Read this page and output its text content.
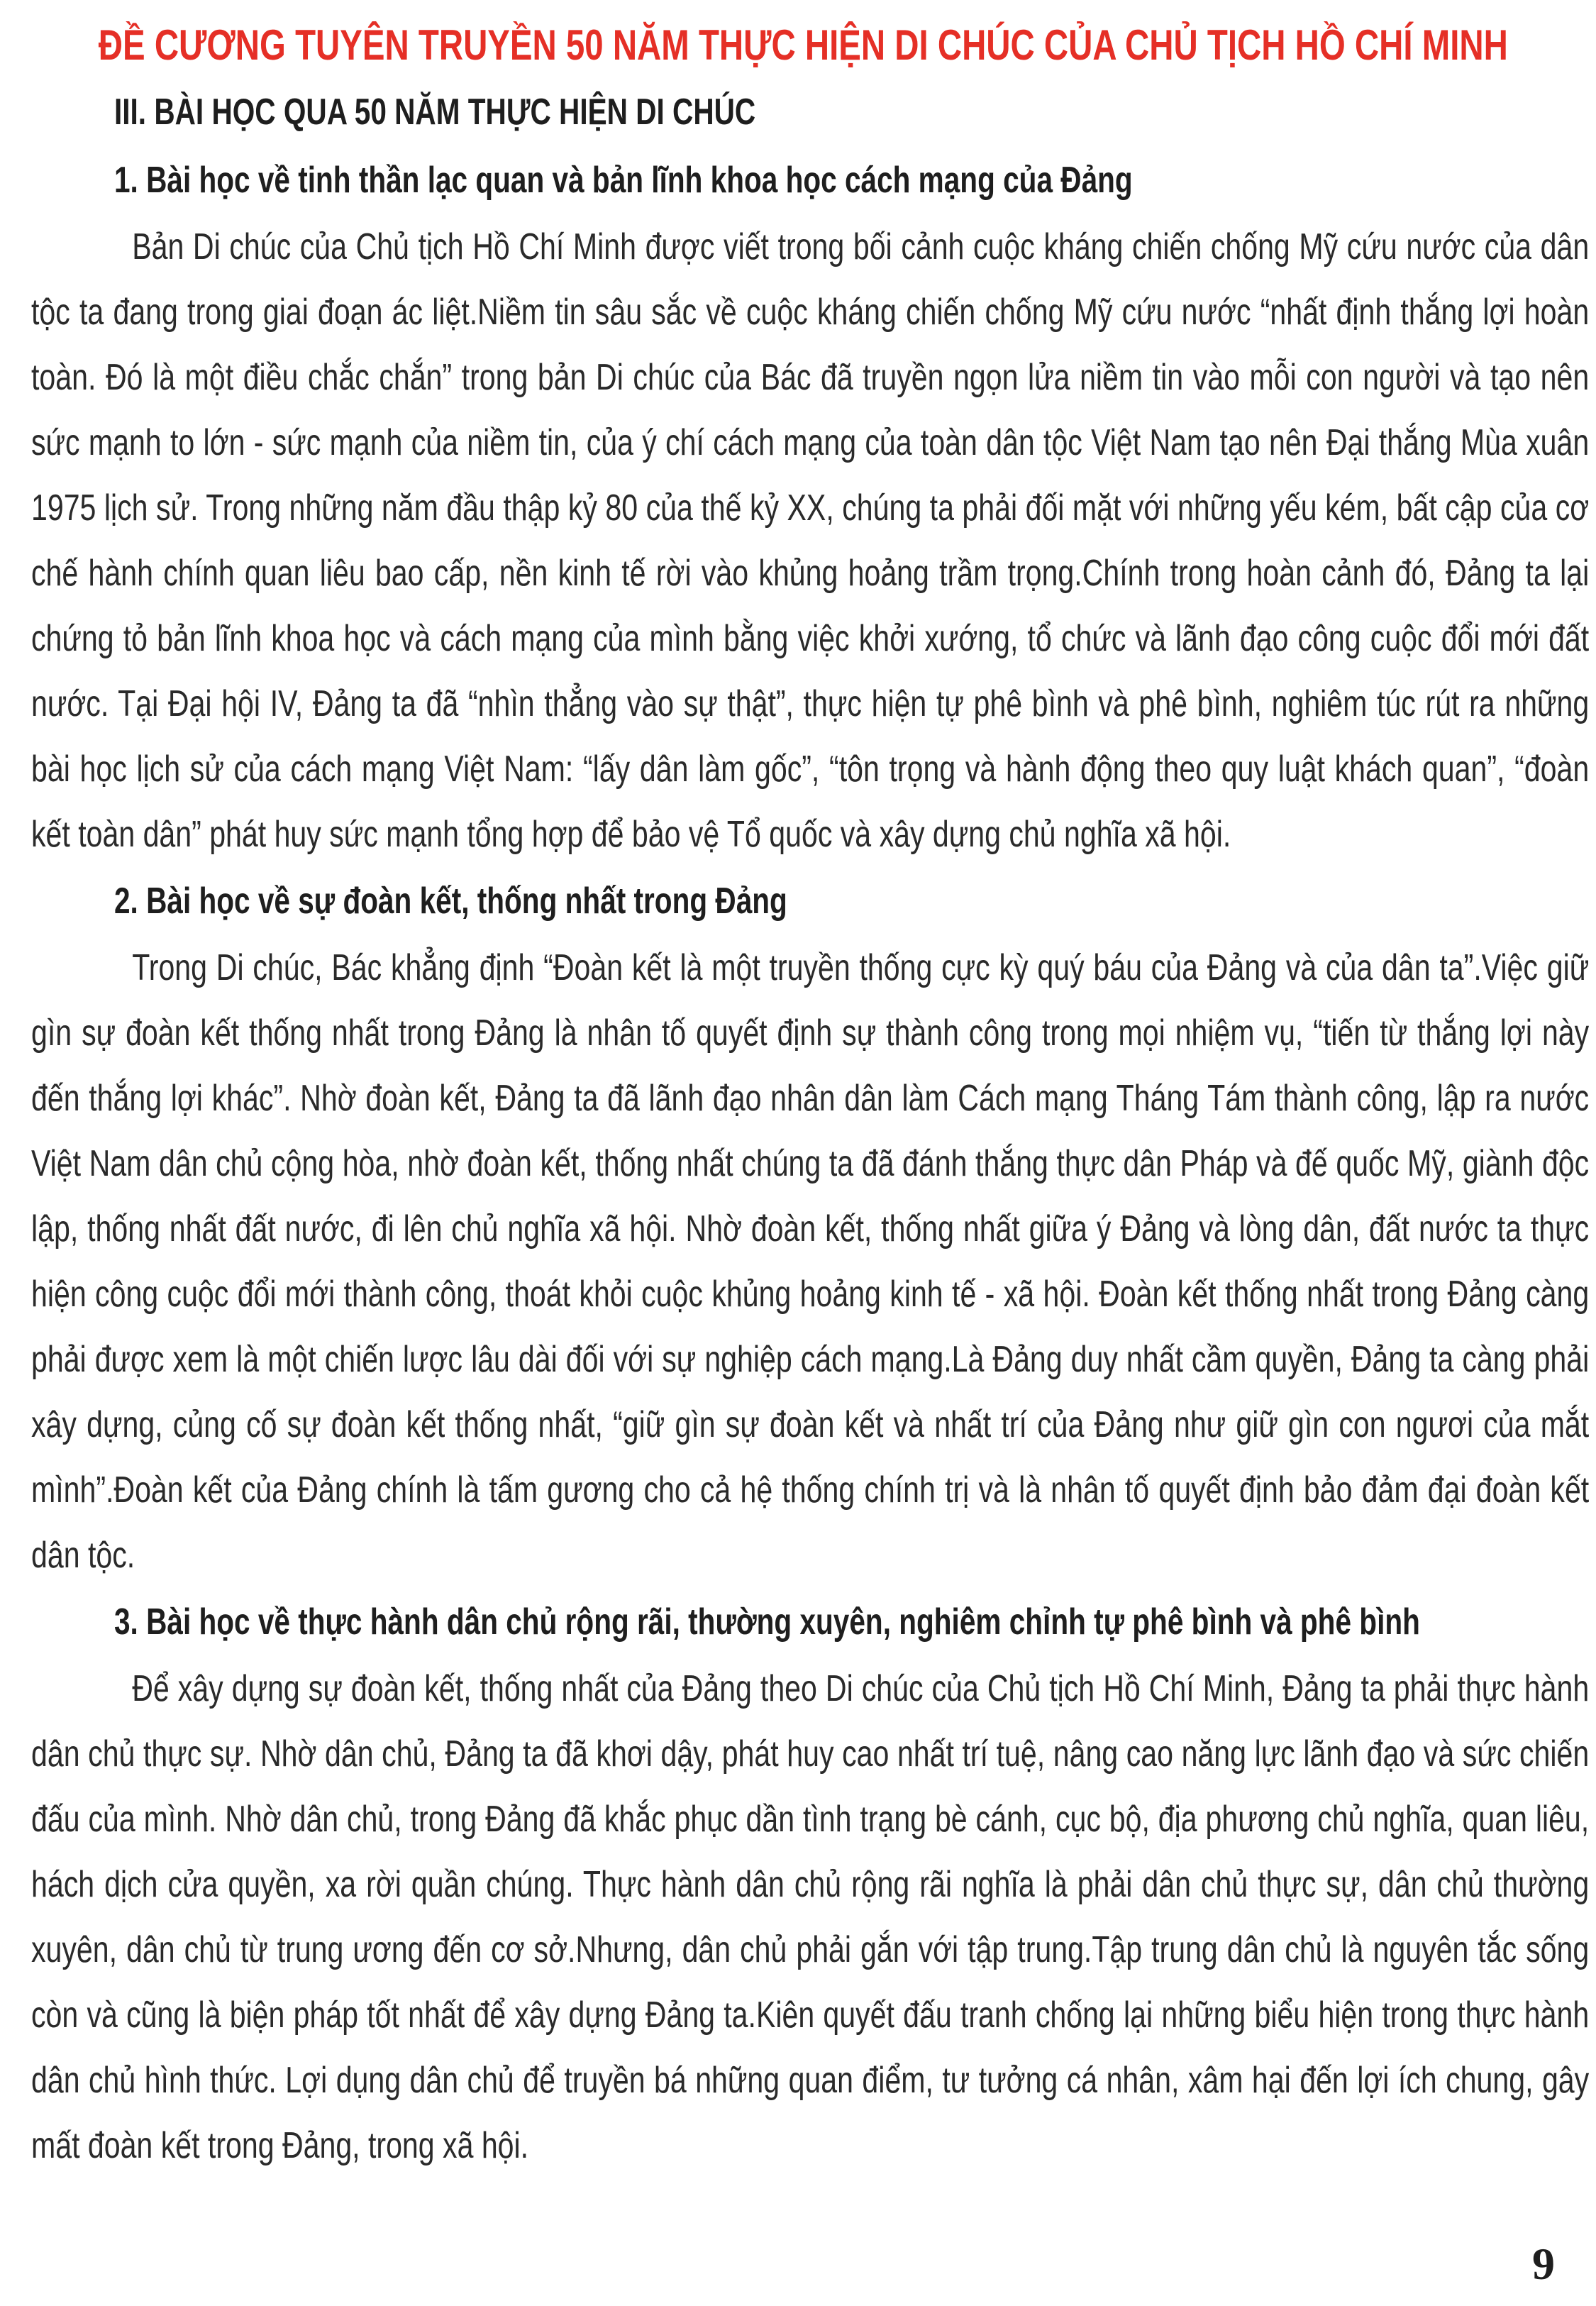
ĐỀ CƯƠNG TUYÊN TRUYỀN 50 NĂM THỰC HIỆN DI CHÚC CỦA CHỦ TỊCH HỒ CHÍ MINH
III. BÀI HỌC QUA 50 NĂM THỰC HIỆN DI CHÚC
1. Bài học về tinh thần lạc quan và bản lĩnh khoa học cách mạng của Đảng

Bản Di chúc của Chủ tịch Hồ Chí Minh được viết trong bối cảnh cuộc kháng chiến chống Mỹ cứu nước của dân tộc ta đang trong giai đoạn ác liệt.Niềm tin sâu sắc về cuộc kháng chiến chống Mỹ cứu nước “nhất định thắng lợi hoàn toàn. Đó là một điều chắc chắn” trong bản Di chúc của Bác đã truyền ngọn lửa niềm tin vào mỗi con người và tạo nên sức mạnh to lớn - sức mạnh của niềm tin, của ý chí cách mạng của toàn dân tộc Việt Nam tạo nên Đại thắng Mùa xuân 1975 lịch sử. Trong những năm đầu thập kỷ 80 của thế kỷ XX, chúng ta phải đối mặt với những yếu kém, bất cập của cơ chế hành chính quan liêu bao cấp, nền kinh tế rời vào khủng hoảng trầm trọng.Chính trong hoàn cảnh đó, Đảng ta lại chứng tỏ bản lĩnh khoa học và cách mạng của mình bằng việc khởi xướng, tổ chức và lãnh đạo công cuộc đổi mới đất nước. Tại Đại hội IV, Đảng ta đã “nhìn thẳng vào sự thật”, thực hiện tự phê bình và phê bình, nghiêm túc rút ra những bài học lịch sử của cách mạng Việt Nam: “lấy dân làm gốc”, “tôn trọng và hành động theo quy luật khách quan”, “đoàn kết toàn dân” phát huy sức mạnh tổng hợp để bảo vệ Tổ quốc và xây dựng chủ nghĩa xã hội.

2. Bài học về sự đoàn kết, thống nhất trong Đảng

Trong Di chúc, Bác khẳng định “Đoàn kết là một truyền thống cực kỳ quý báu của Đảng và của dân ta”.Việc giữ gìn sự đoàn kết thống nhất trong Đảng là nhân tố quyết định sự thành công trong mọi nhiệm vụ, “tiến từ thắng lợi này đến thắng lợi khác”. Nhờ đoàn kết, Đảng ta đã lãnh đạo nhân dân làm Cách mạng Tháng Tám thành công, lập ra nước Việt Nam dân chủ cộng hòa, nhờ đoàn kết, thống nhất chúng ta đã đánh thắng thực dân Pháp và đế quốc Mỹ, giành độc lập, thống nhất đất nước, đi lên chủ nghĩa xã hội. Nhờ đoàn kết, thống nhất giữa ý Đảng và lòng dân, đất nước ta thực hiện công cuộc đổi mới thành công, thoát khỏi cuộc khủng hoảng kinh tế - xã hội. Đoàn kết thống nhất trong Đảng càng phải được xem là một chiến lược lâu dài đối với sự nghiệp cách mạng.Là Đảng duy nhất cầm quyền, Đảng ta càng phải xây dựng, củng cố sự đoàn kết thống nhất, “giữ gìn sự đoàn kết và nhất trí của Đảng như giữ gìn con ngươi của mắt mình”.Đoàn kết của Đảng chính là tấm gương cho cả hệ thống chính trị và là nhân tố quyết định bảo đảm đại đoàn kết dân tộc.

3. Bài học về thực hành dân chủ rộng rãi, thường xuyên, nghiêm chỉnh tự phê bình và phê bình

Để xây dựng sự đoàn kết, thống nhất của Đảng theo Di chúc của Chủ tịch Hồ Chí Minh, Đảng ta phải thực hành dân chủ thực sự. Nhờ dân chủ, Đảng ta đã khơi dậy, phát huy cao nhất trí tuệ, nâng cao năng lực lãnh đạo và sức chiến đấu của mình. Nhờ dân chủ, trong Đảng đã khắc phục dần tình trạng bè cánh, cục bộ, địa phương chủ nghĩa, quan liêu, hách dịch cửa quyền, xa rời quần chúng. Thực hành dân chủ rộng rãi nghĩa là phải dân chủ thực sự, dân chủ thường xuyên, dân chủ từ trung ương đến cơ sở.Nhưng, dân chủ phải gắn với tập trung.Tập trung dân chủ là nguyên tắc sống còn và cũng là biện pháp tốt nhất để xây dựng Đảng ta.Kiên quyết đấu tranh chống lại những biểu hiện trong thực hành dân chủ hình thức. Lợi dụng dân chủ để truyền bá những quan điểm, tư tưởng cá nhân, xâm hại đến lợi ích chung, gây mất đoàn kết trong Đảng, trong xã hội.

9
